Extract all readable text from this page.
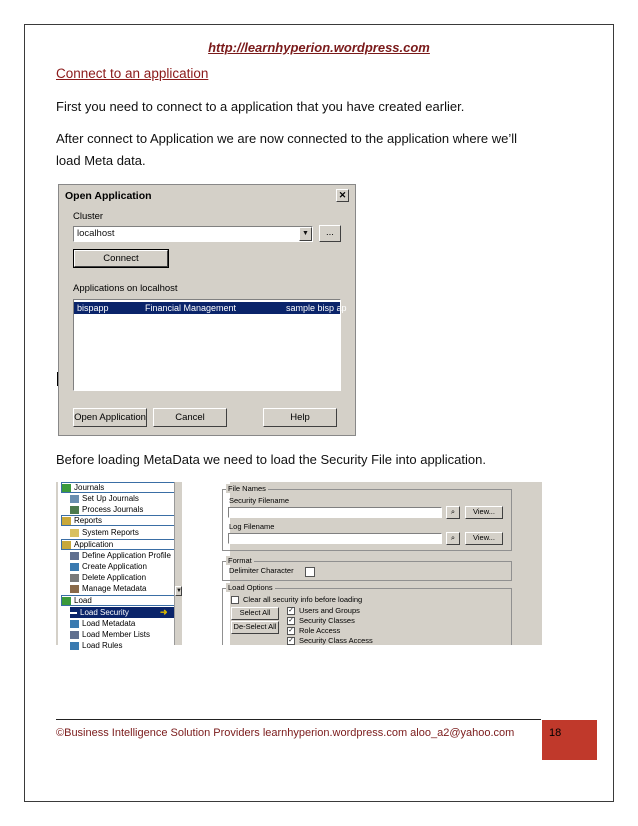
http://learnhyperion.wordpress.com
Connect to an application
First you need to connect to a application that you have created earlier.
After connect to Application we are now connected to the application where we’ll
load Meta data.
Open Application	✕
Cluster
localhost	▼	...
Connect
Applications on localhost
bispapp	Financial Management	sample bisp ap
Open Application	Cancel	Help
Before loading MetaData we need to load the Security File into application.
Journals
Set Up Journals
Process Journals
Reports
System Reports
Application
Define Application Profile
Create Application
Delete Application
Manage Metadata
Load
Load Security
Load Metadata
Load Member Lists
Load Rules
➜
▼
File Names
Security Filename
⌕	View...
Log Filename
⌕	View...
Format
Delimiter Character
Load Options
Clear all security info before loading
Select All
De-Select All
✓ Users and Groups
✓ Security Classes
✓ Role Access
✓ Security Class Access
©Business Intelligence Solution Providers learnhyperion.wordpress.com aloo_a2@yahoo.com	18
